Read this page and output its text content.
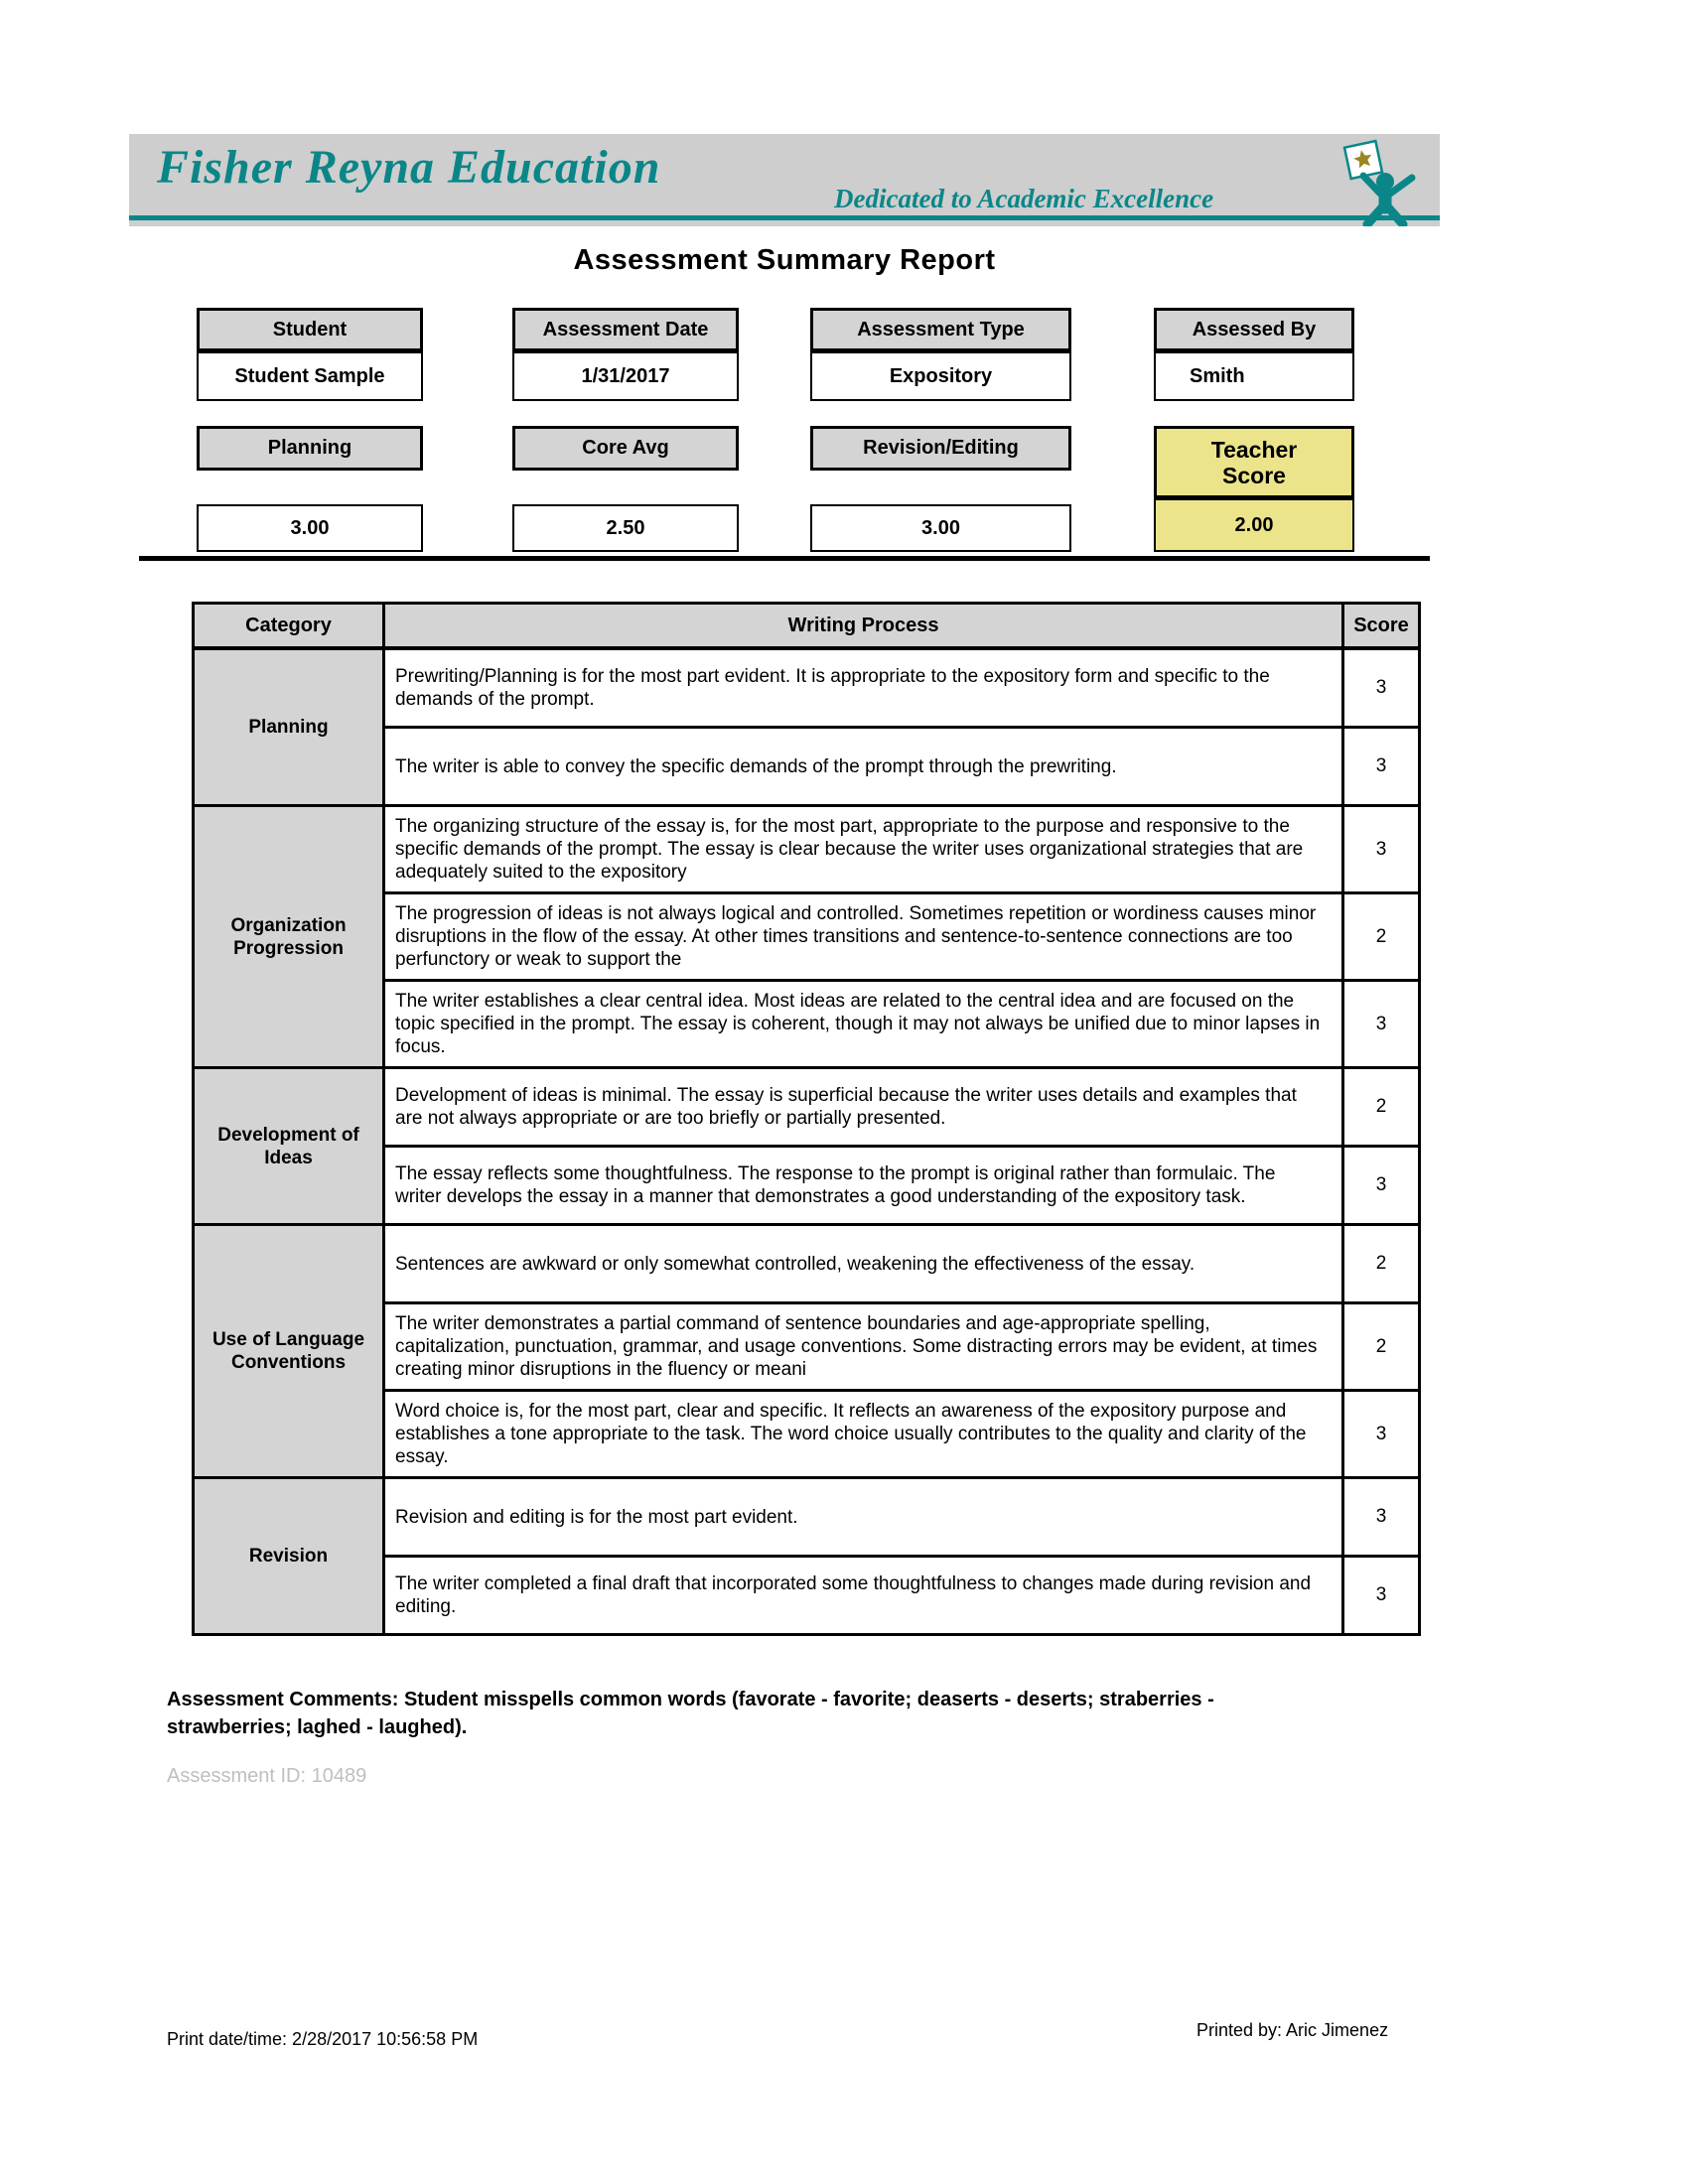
Fisher Reyna Education
Dedicated to Academic Excellence
Assessment Summary Report
Student
Student Sample
Assessment Date
1/31/2017
Assessment Type
Expository
Assessed By
Smith
Planning
3.00
Core Avg
2.50
Revision/Editing
3.00
Teacher Score
2.00
Category	Writing Process	Score
Planning	Prewriting/Planning is for the most part evident. It is appropriate to the expository form and specific to the demands of the prompt.	3
	The writer is able to convey the specific demands of the prompt through the prewriting.	3
Organization Progression	The organizing structure of the essay is, for the most part, appropriate to the purpose and responsive to the specific demands of the prompt. The essay is clear because the writer uses organizational strategies that are adequately suited to the expository	3
	The progression of ideas is not always logical and controlled. Sometimes repetition or wordiness causes minor disruptions in the flow of the essay. At other times transitions and sentence-to-sentence connections are too perfunctory or weak to support the	2
	The writer establishes a clear central idea. Most ideas are related to the central idea and are focused on the topic specified in the prompt. The essay is coherent, though it may not always be unified due to minor lapses in focus.	3
Development of Ideas	Development of ideas is minimal. The essay is superficial because the writer uses details and examples that are not always appropriate or are too briefly or partially presented.	2
	The essay reflects some thoughtfulness. The response to the prompt is original rather than formulaic. The writer develops the essay in a manner that demonstrates a good understanding of the expository task.	3
Use of Language Conventions	Sentences are awkward or only somewhat controlled, weakening the effectiveness of the essay.	2
	The writer demonstrates a partial command of sentence boundaries and age-appropriate spelling, capitalization, punctuation, grammar, and usage conventions. Some distracting errors may be evident, at times creating minor disruptions in the fluency or meani	2
	Word choice is, for the most part, clear and specific. It reflects an awareness of the expository purpose and establishes a tone appropriate to the task. The word choice usually contributes to the quality and clarity of the essay.	3
Revision	Revision and editing is for the most part evident.	3
	The writer completed a final draft that incorporated some thoughtfulness to changes made during revision and editing.	3
Assessment Comments: Student misspells common words (favorate - favorite; deaserts - deserts; straberries - strawberries; laghed - laughed).
Assessment ID: 10489
Print date/time: 2/28/2017 10:56:58 PM	Printed by: Aric Jimenez
